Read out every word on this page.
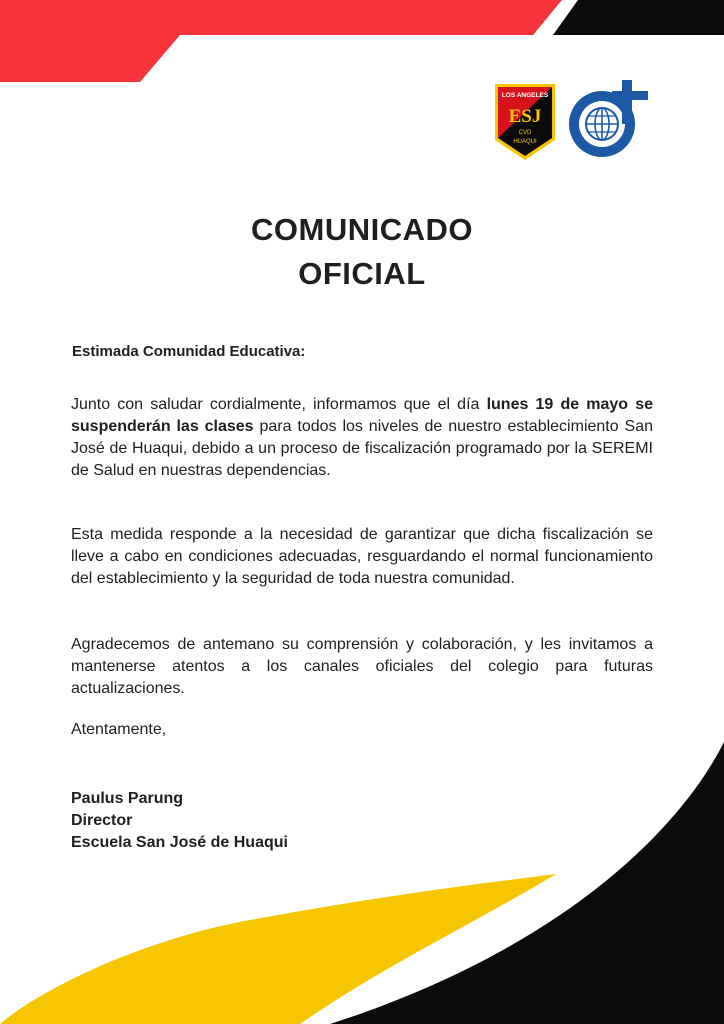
LOS ANGELES
ESJ
CVD
HUAQUI
COMUNICADO
OFICIAL
Estimada Comunidad Educativa:
Junto con saludar cordialmente, informamos que el día lunes 19 de mayo se suspenderán las clases para todos los niveles de nuestro establecimiento San José de Huaqui, debido a un proceso de fiscalización programado por la SEREMI de Salud en nuestras dependencias.
Esta medida responde a la necesidad de garantizar que dicha fiscalización se lleve a cabo en condiciones adecuadas, resguardando el normal funcionamiento del establecimiento y la seguridad de toda nuestra comunidad.
Agradecemos de antemano su comprensión y colaboración, y les invitamos a mantenerse atentos a los canales oficiales del colegio para futuras actualizaciones.
Atentamente,
Paulus Parung
Director
Escuela San José de Huaqui
